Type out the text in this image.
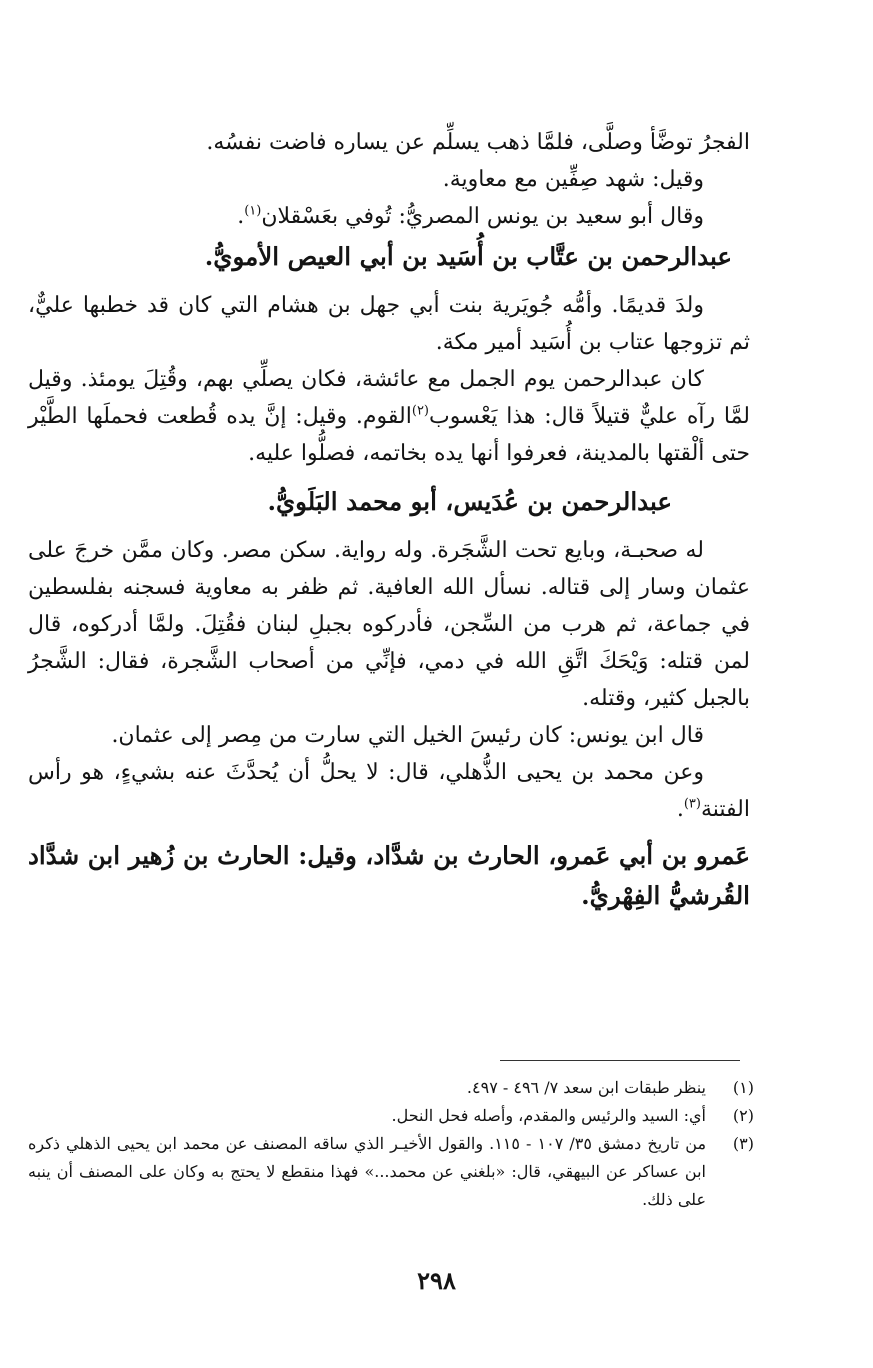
الفجرُ توضَّأ وصلَّى، فلمَّا ذهب يسلِّم عن يساره فاضت نفسُه.

وقيل: شهد صِفِّين مع معاوية.

وقال أبو سعيد بن يونس المصريُّ: تُوفي بعَسْقلان$^{(١)}$.

عبدالرحمن بن عتَّاب بن أُسَيد بن أبي العيص الأمويُّ.

ولدَ قديمًا. وأمُّه جُويَرية بنت أبي جهل بن هشام التي كان قد خطبها عليٌّ، ثم تزوجها عتاب بن أُسَيد أمير مكة.

كان عبدالرحمن يوم الجمل مع عائشة، فكان يصلِّي بهم، وقُتِلَ يومئذ. وقيل لمَّا رآه عليٌّ قتيلاً قال: هذا يَعْسوب$^{(٢)}$القوم. وقيل: إنَّ يده قُطعت فحملَها الطَّيْر حتى ألْقتها بالمدينة، فعرفوا أنها يده بخاتمه، فصلُّوا عليه.

عبدالرحمن بن عُدَيس، أبو محمد البَلَويُّ.

له صحبـة، وبايع تحت الشَّجَرة. وله رواية. سكن مصر. وكان ممَّن خرجَ على عثمان وسار إلى قتاله. نسأل الله العافية. ثم ظفر به معاوية فسجنه بفلسطين في جماعة، ثم هرب من السِّجن، فأدركوه بجبلِ لبنان فقُتِلَ. ولمَّا أدركوه، قال لمن قتله: وَيْحَكَ اتَّقِ الله في دمي، فإنِّي من أصحاب الشَّجرة، فقال: الشَّجرُ بالجبل كثير، وقتله.

قال ابن يونس: كان رئيسَ الخيل التي سارت من مِصر إلى عثمان.

وعن محمد بن يحيى الذُّهلي، قال: لا يحلُّ أن يُحدَّثَ عنه بشيءٍ، هو رأس الفتنة$^{(٣)}$.

عَمرو بن أبي عَمرو، الحارث بن شدَّاد، وقيل: الحارث بن زُهير ابن شدَّاد القُرشيُّ الفِهْريُّ.

(١)
ينظر طبقات ابن سعد ٧/ ٤٩٦ - ٤٩٧.
(٢)
أي: السيد والرئيس والمقدم، وأصله فحل النحل.
(٣)
من تاريخ دمشق ٣٥/ ١٠٧ - ١١٥. والقول الأخيـر الذي ساقه المصنف عن محمد ابن يحيى الذهلي ذكره ابن عساكر عن البيهقي، قال: «بلغني عن محمد...» فهذا منقطع لا يحتج به وكان على المصنف أن ينبه على ذلك.
٢٩٨
